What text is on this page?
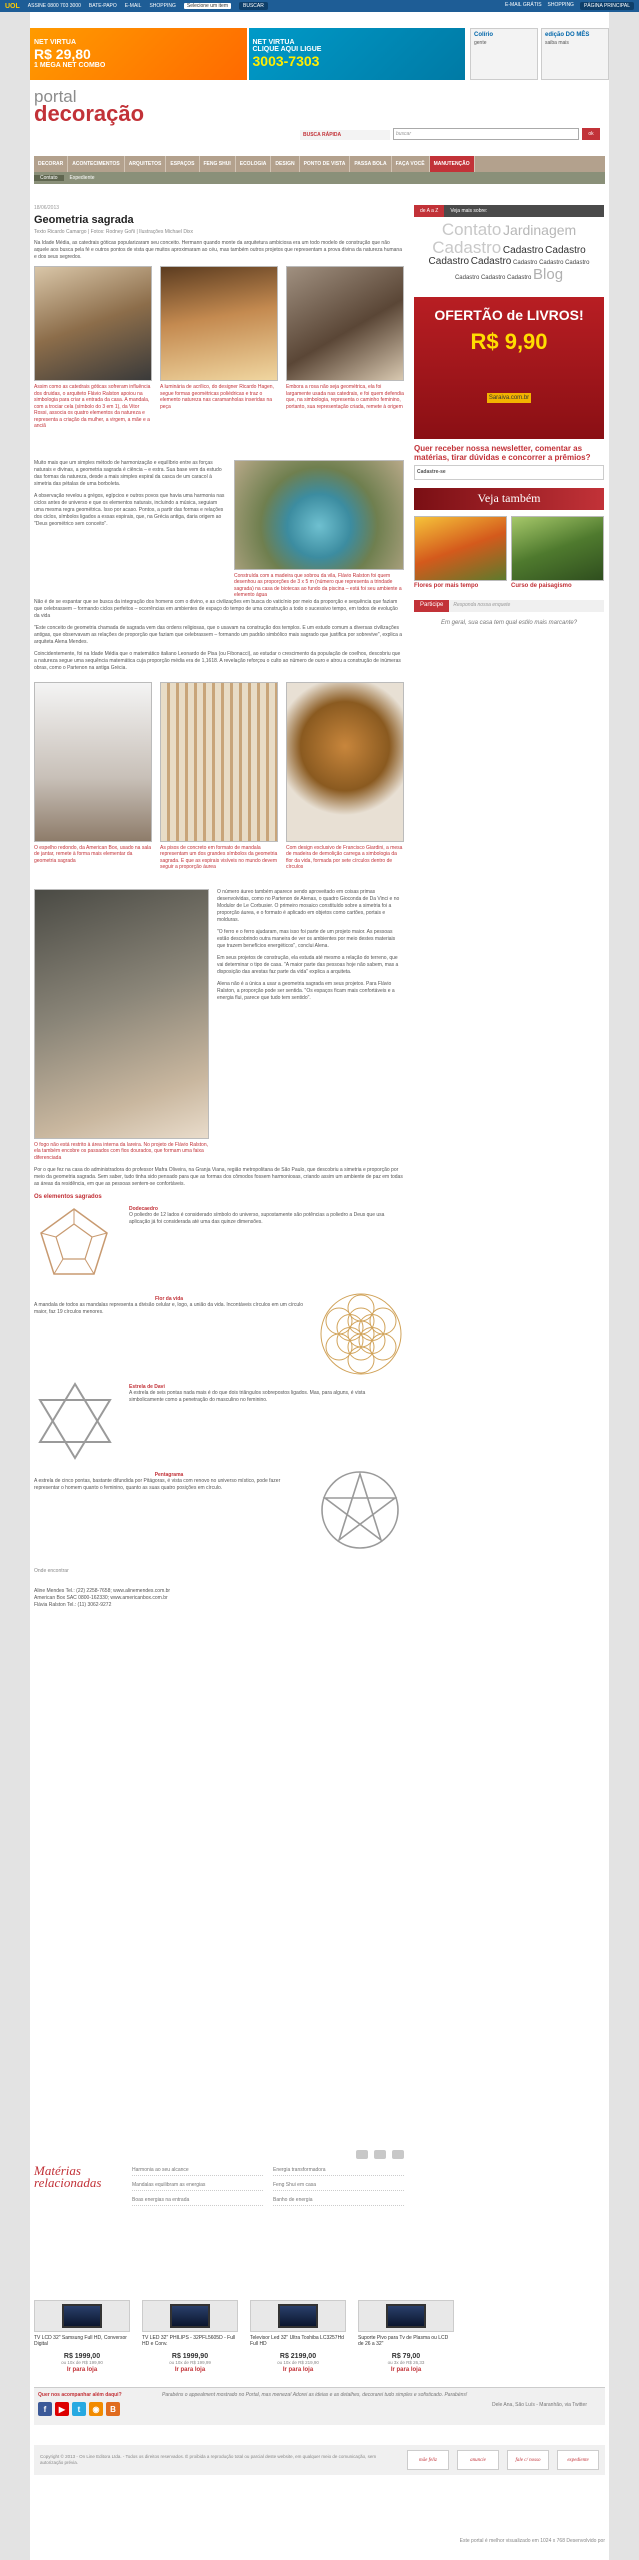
UOL ASSINE 0800 703 3000 BATE-PAPO E-MAIL SHOPPING	Selecione um item	BUSCAR	E-MAIL GRÁTIS SHOPPING	PÁGINA PRINCIPAL
NET VIRTUA
R$ 29,80
1 MEGA NET COMBO
NET VIRTUA
CLIQUE AQUI LIGUE
3003-7303
Colírio
gente
edição DO MÊS
saiba mais
portal
decoração
BUSCA RÁPIDA	buscar	ok
DECORAR	ACONTECIMENTOS	ARQUITETOS	ESPAÇOS	FENG SHUI	ECOLOGIA	DESIGN	PONTO DE VISTA	PASSA BOLA	FAÇA VOCÊ	MANUTENÇÃO
Contato	Expediente
18/06/2013
Geometria sagrada
Texto Ricardo Camargo | Fotos: Rodney Goñi | Ilustrações Michael Dixx

Na Idade Média, as catedrais góticas popularizaram seu conceito. Hermann quando monte da arquitetura ambiciosa era um todo modelo de construção que não aquele aos busca pela fé e outros pontos de vista que muitos aproximaram ao céu, mas também outros projetos que representam a prova divina da natureza humana e dos seus segredos.

Assim como as catedrais góticas sofreram influência dos druidas, o arquiteto Flávio Ralston apoiou na simbologia para criar a entrada da casa. A mandala, com a trociar cela (símbolo do 3 em 1), da Vitor Rossi, associa os quatro elementos da natureza e representa a criação da mulher, a virgem, a mãe e a anciã
A luminária de acrílico, do designer Ricardo Hagen, segue formas geométricas poliédricas e traz o elemento natureza nas caramanholas inseridas na peça
Embora a rosa não seja geométrica, ela foi largamente usada nas catedrais, e foi quem defendia que, na simbologia, representa o caminho feminino, portanto, sua representação criada, remete à origem

Muito mais que um simples método de harmonização e equilíbrio entre as forças naturais e divinas, a geometria sagrada é ciência – e estra. Sua base vem da estudo das formas da natureza, desde a mais simples espiral da casca de um caracol à simetria das pétalas de uma borboleta.

A observação revelou a grégos, egípcios e outros povos que havia uma harmonia nas ciclos antes de universo e que os elementos naturais, incluindo a música, seguiam uma mesma regra geométrica. Isso por acaso. Pontos, a partir das formas e relações dos ciclos, símbolos ligados a essas espirais, que, na Grécia antiga, daria origem ao "Deus geométrico sem conceito".

Construída com a madeira que sobrou da vila, Flávio Ralston foi quem desenhou as proporções de 3 x 5 m (número que representa a trindade sagrada) na casa de biotecas ao fundo da piscina – está foi seu ambiente a elemento água

Não é de se espantar que se busca da integração dos homens com o divino, e as civilizações em busca do vaticínio por meio da proporção e sequência que faziam que celebrassem – formando ciclos perfeitos – ocorrências em ambientes de espaço do tempo de uma construção a todo o sucessivo tempo, em todos de evolução da vida

"Este conceito de geometria chamada de sagrada vem das ordens religiosas, que o usavam na construção dos templos. E um estudo comum a diversas civilizações antigas, que observavam as relações de proporção que faziam que celebrassem – formando um padrão simbólico mais sagrado que justifica por sobrevive", explica a arquiteta Alena Mendes.

Coincidentemente, foi na Idade Média que o matemático italiano Leonardo de Pisa (ou Fibonacci), ao estudar o crescimento da população de coelhos, descobriu que a natureza segue uma sequência matemática cuja proporção média era de 1,1618. A revelação reforçou o culto ao número de ouro e atrou a construção de inúmeras obras, como o Partenon na antiga Grécia.

O espelho redondo, da American Box, usado na sala de jantar, remete à forma mais elementar da geometria sagrada
As pisos de concreto em formato de mandala representam um dos grandes símbolos da geometria sagrada. E que as espirais visíveis no mundo devem seguir a proporção áurea
Com design exclusivo de Francisco Giardini, a mesa de madeira de demolição carrega a simbologia da flor da vida, formada por sete círculos dentro de círculos
O fogo não está restrito à área interna da lareira. No projeto de Flávio Ralston, ela também encobre os passados com fios dourados, que formam uma faixa diferenciada

O número áureo também aparece sendo aproveitado em coisas primas desenvolvidas, como no Partenon de Atenas, o quadro Gioconda de Da Vinci e no Modulor de Le Corbusier. O primeiro mosaico constituído sobre a simetria foi a proporção áurea, e o formato é aplicado em objetos como cartões, portais e molduras.

"O ferro e o ferro ajudaram, mas isso foi parte de um projeto maior. As pessoas estão descobrindo outra maneira de ver os ambientes por meio destes materiais que trazem benefícios energéticos", conclui Alena.

Em seus projetos de construção, ela estuda até mesmo a relação do terreno, que vai determinar o tipo de casa. "A maior parte das pessoas hoje não sabem, mas a disposição das arestas faz parte da vida" explica a arquiteta.

Alena não é a única a usar a geometria sagrada em seus projetos. Para Flávio Ralston, a proporção pode ser sentida. "Os espaços ficam mais confortáveis e a energia flui, parece que tudo tem sentido".

Por o que fez na casa do administradora do professor Mafra Oliveira, na Granja Viana, região metropolitana de São Paulo, que descobriu a simetria e proporção por meio da geometria sagrada. Sem saber, tudo tinha sido pensado para que as formas dos cômodos fossem harmoniosas, criando assim um ambiente de paz em todas as áreas da residência, em que as pessoas sentem-se confortáveis.

Os elementos sagrados
Dodecaedro

O poliedro de 12 lados é considerado símbolo do universo, supostamente são potências a poliedro a Deus que usa aplicação já foi considerada até uma das quinze dimensões.

Flor da vida

A mandala de todos as mandalas representa a divisão celular e, logo, a união da vida. Incontáveis círculos em um círculo maior, faz 19 círculos menores.

Estrela de Davi

A estrela de seis pontas nada mais é do que dois triângulos sobrepostos ligados. Mas, para alguns, é vista simbolicamente como a penetração do masculino no feminino.

Pentagrama

A estrela de cinco pontas, bastante difundida por Pitágoras, é vista com renovo no universo místico, pode fazer representar o homem quanto o feminino, quanto as suas quatro posições em círculo.

Onde encontrar

Aline Mendes Tel.: (22) 2258-7658; www.alinemendes.com.br

American Box SAC 0800-162330; www.americanbox.com.br

Flávia Ralston Tel.: (11) 3062-9272

de A a Z	Veja mais sobre:
Contato Jardinagem Cadastro Cadastro Cadastro Cadastro Cadastro Cadastro Cadastro Cadastro Cadastro Cadastro Cadastro Blog
OFERTÃO de LIVROS!
R$ 9,90
Saraiva.com.br
Quer receber nossa newsletter, comentar as matérias, tirar dúvidas e concorrer a prêmios?
Cadastre-se
Veja também
Flores por mais tempo	Curso de paisagismo
Participe	Responda nossa enquete
Em geral, sua casa tem qual estilo mais marcante?
Matérias relacionadas
Harmonia ao seu alcance	Energia transformadora
Mandalas equilibram as energias	Feng Shui em casa
Boas energias na entrada	Banho de energia
TV LCD 32" Samsung Full HD, Conversor Digital
R$ 1999,00
ou 10x de R$ 199,90
Ir para loja
TV LED 32" PHILIPS - 32PFL5605D - Full HD e Conv.
R$ 1999,90
ou 10x de R$ 199,99
Ir para loja
Televisor Led 32" Ultra Toshiba LC3257Hd Full HD
R$ 2199,00
ou 10x de R$ 219,90
Ir para loja
Suporte Pivo para Tv de Plasma ou LCD de 26 a 32"
R$ 79,00
ou 3x de R$ 26,33
Ir para loja
Quer nos acompanhar além daqui?
f	▶	t	◉	B
Parabéns o appealment mostrado no Portal, mas meneza! Adorei as ideias e as detalhes, decorarei tudo simples e sofisticado. Parabéns!
Dele Ana, São Luís - Maranhão, via Twitter
Copyright © 2013 - On Line Editora Ltda. - Todos os direitos reservados. É proibida a reprodução total ou parcial deste website, em qualquer meio de comunicação, sem autorização prévia.	mãe feliz	anuncie	fale c/ nosso	expediente
Este portal é melhor visualizado em 1024 x 768 Desenvolvido por
